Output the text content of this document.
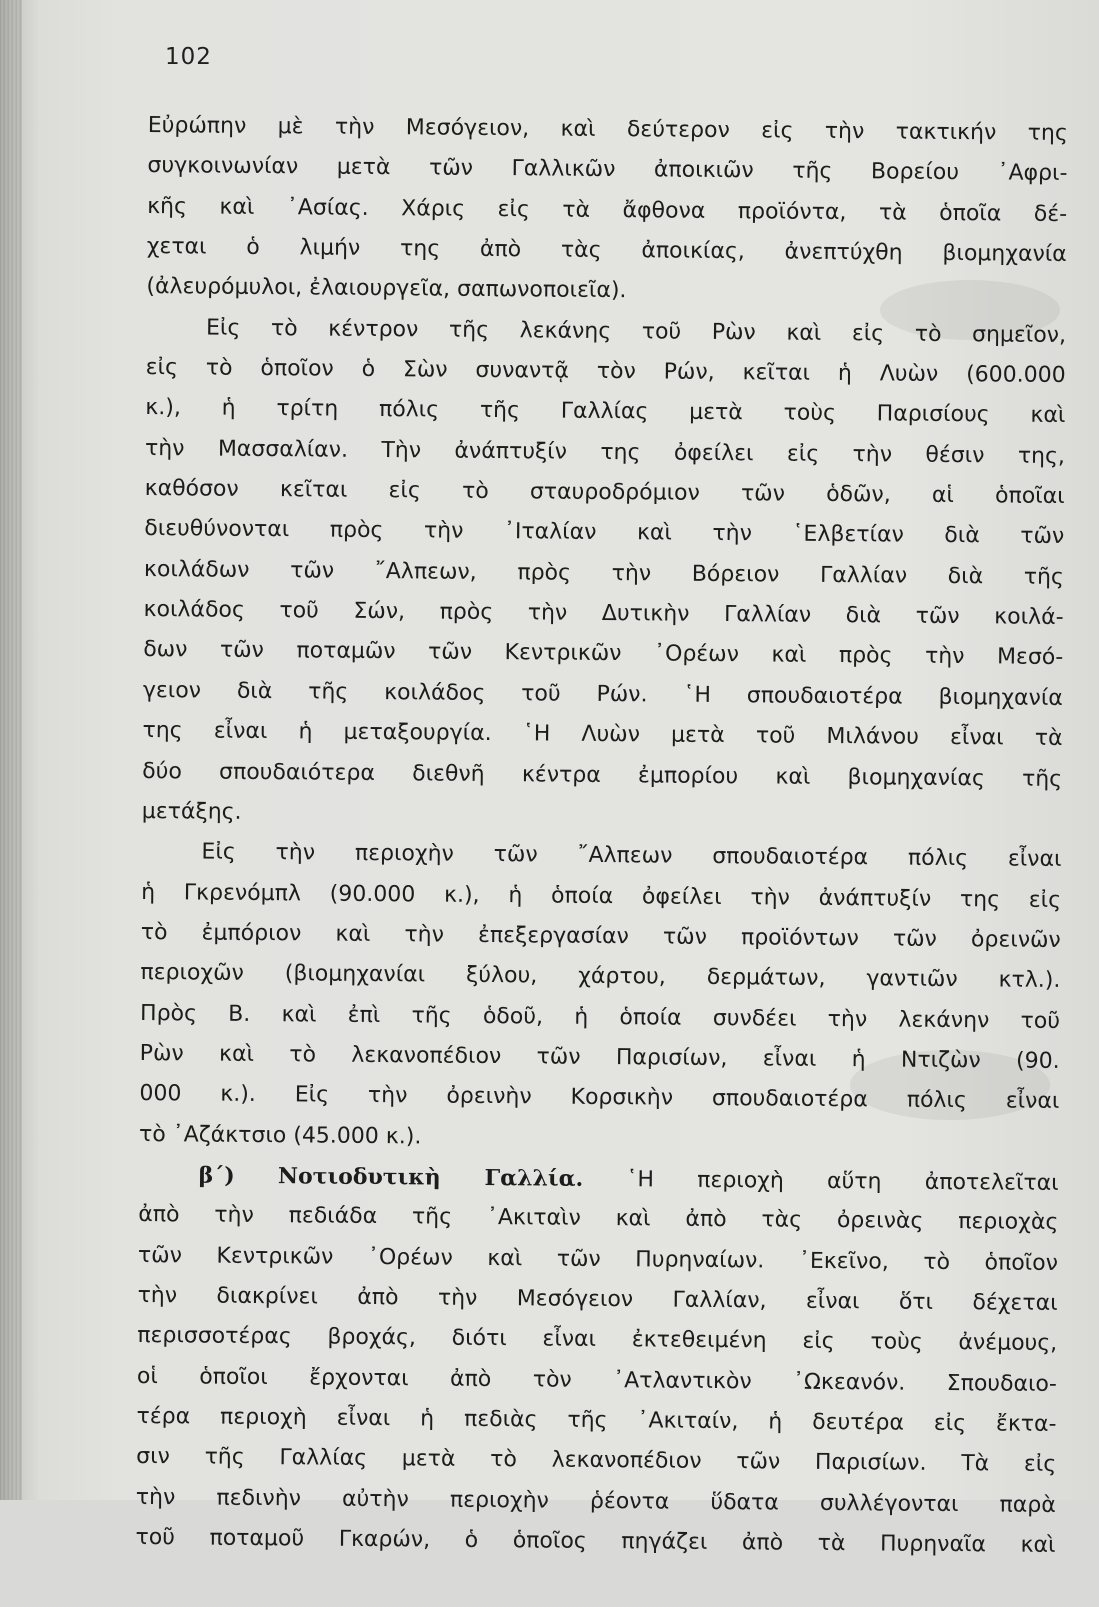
102
Εὐρώπην μὲ τὴν Μεσόγειον, καὶ δεύτερον εἰς τὴν τακτικήν της
συγκοινωνίαν μετὰ τῶν Γαλλικῶν ἀποικιῶν τῆς Βορείου ᾿Αφρι-
κῆς καὶ ᾿Ασίας. Χάρις εἰς τὰ ἄφθονα προϊόντα, τὰ ὁποῖα δέ-
χεται ὁ λιμήν της ἀπὸ τὰς ἀποικίας, ἀνεπτύχθη βιομηχανία
(ἀλευρόμυλοι, ἐλαιουργεῖα, σαπωνοποιεῖα).
Εἰς τὸ κέντρον τῆς λεκάνης τοῦ Ρὼν καὶ εἰς τὸ σημεῖον,
εἰς τὸ ὁποῖον ὁ Σὼν συναντᾷ τὸν Ρών, κεῖται ἡ Λυὼν (600.000
κ.), ἡ τρίτη πόλις τῆς Γαλλίας μετὰ τοὺς Παρισίους καὶ
τὴν Μασσαλίαν. Τὴν ἀνάπτυξίν της ὀφείλει εἰς τὴν θέσιν της,
καθόσον κεῖται εἰς τὸ σταυροδρόμιον τῶν ὁδῶν, αἱ ὁποῖαι
διευθύνονται πρὸς τὴν ᾿Ιταλίαν καὶ τὴν ῾Ελβετίαν διὰ τῶν
κοιλάδων τῶν ῎Αλπεων, πρὸς τὴν Βόρειον Γαλλίαν διὰ τῆς
κοιλάδος τοῦ Σών, πρὸς τὴν Δυτικὴν Γαλλίαν διὰ τῶν κοιλά-
δων τῶν ποταμῶν τῶν Κεντρικῶν ᾿Ορέων καὶ πρὸς τὴν Μεσό-
γειον διὰ τῆς κοιλάδος τοῦ Ρών. ῾Η σπουδαιοτέρα βιομηχανία
της εἶναι ἡ μεταξουργία. ῾Η Λυὼν μετὰ τοῦ Μιλάνου εἶναι τὰ
δύο σπουδαιότερα διεθνῆ κέντρα ἐμπορίου καὶ βιομηχανίας τῆς
μετάξης.
Εἰς τὴν περιοχὴν τῶν ῎Αλπεων σπουδαιοτέρα πόλις εἶναι
ἡ Γκρενόμπλ (90.000 κ.), ἡ ὁποία ὀφείλει τὴν ἀνάπτυξίν της εἰς
τὸ ἐμπόριον καὶ τὴν ἐπεξεργασίαν τῶν προϊόντων τῶν ὀρεινῶν
περιοχῶν (βιομηχανίαι ξύλου, χάρτου, δερμάτων, γαντιῶν κτλ.).
Πρὸς Β. καὶ ἐπὶ τῆς ὁδοῦ, ἡ ὁποία συνδέει τὴν λεκάνην τοῦ
Ρὼν καὶ τὸ λεκανοπέδιον τῶν Παρισίων, εἶναι ἡ Ντιζὼν (90.
000 κ.). Εἰς τὴν ὀρεινὴν Κορσικὴν σπουδαιοτέρα πόλις εἶναι
τὸ ᾿Αζάκτσιο (45.000 κ.).
β΄) Νοτιοδυτικὴ Γαλλία. ῾Η περιοχὴ αὕτη ἀποτελεῖται
ἀπὸ τὴν πεδιάδα τῆς ᾿Ακιταὶν καὶ ἀπὸ τὰς ὀρεινὰς περιοχὰς
τῶν Κεντρικῶν ᾿Ορέων καὶ τῶν Πυρηναίων. ᾿Εκεῖνο, τὸ ὁποῖον
τὴν διακρίνει ἀπὸ τὴν Μεσόγειον Γαλλίαν, εἶναι ὅτι δέχεται
περισσοτέρας βροχάς, διότι εἶναι ἐκτεθειμένη εἰς τοὺς ἀνέμους,
οἱ ὁποῖοι ἔρχονται ἀπὸ τὸν ᾿Ατλαντικὸν ᾿Ωκεανόν. Σπουδαιο-
τέρα περιοχὴ εἶναι ἡ πεδιὰς τῆς ᾿Ακιταίν, ἡ δευτέρα εἰς ἔκτα-
σιν τῆς Γαλλίας μετὰ τὸ λεκανοπέδιον τῶν Παρισίων. Τὰ εἰς
τὴν πεδινὴν αὐτὴν περιοχὴν ῥέοντα ὕδατα συλλέγονται παρὰ
τοῦ ποταμοῦ Γκαρών, ὁ ὁποῖος πηγάζει ἀπὸ τὰ Πυρηναῖα καὶ
